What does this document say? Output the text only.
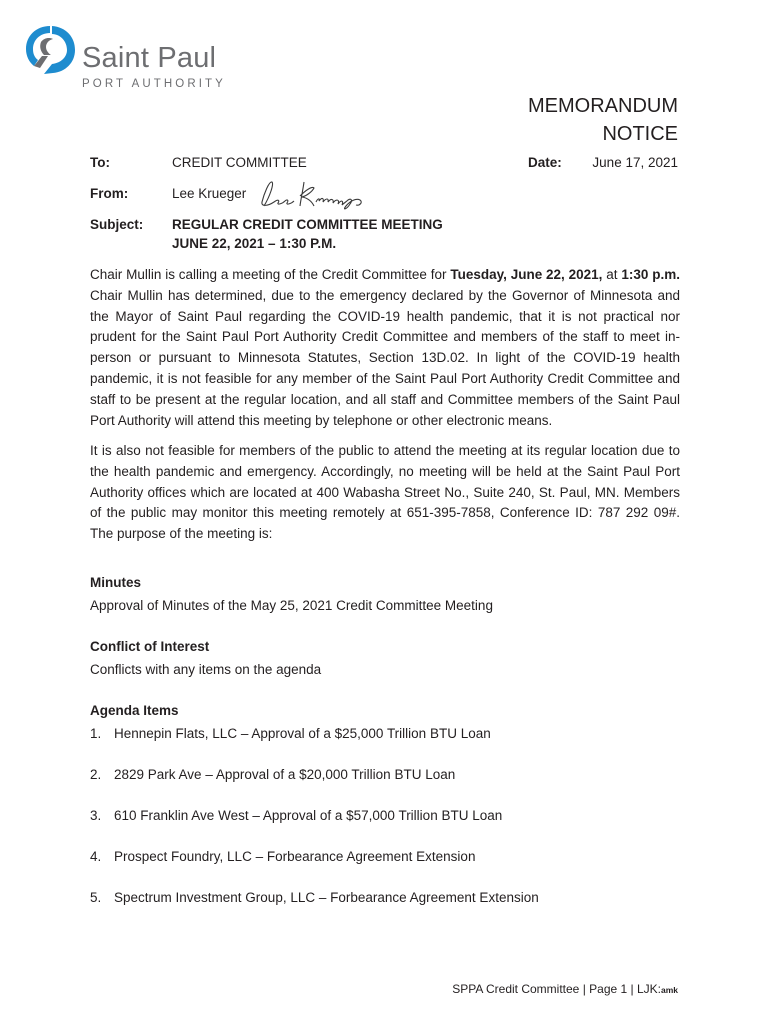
Saint Paul
PORT AUTHORITY
MEMORANDUM
NOTICE
To:	CREDIT COMMITTEE	Date: June 17, 2021
From:	Lee Krueger
Subject: REGULAR CREDIT COMMITTEE MEETING
JUNE 22, 2021 – 1:30 P.M.
Chair Mullin is calling a meeting of the Credit Committee for Tuesday, June 22, 2021, at 1:30 p.m. Chair Mullin has determined, due to the emergency declared by the Governor of Minnesota and the Mayor of Saint Paul regarding the COVID-19 health pandemic, that it is not practical nor prudent for the Saint Paul Port Authority Credit Committee and members of the staff to meet in-person or pursuant to Minnesota Statutes, Section 13D.02. In light of the COVID-19 health pandemic, it is not feasible for any member of the Saint Paul Port Authority Credit Committee and staff to be present at the regular location, and all staff and Committee members of the Saint Paul Port Authority will attend this meeting by telephone or other electronic means.
It is also not feasible for members of the public to attend the meeting at its regular location due to the health pandemic and emergency. Accordingly, no meeting will be held at the Saint Paul Port Authority offices which are located at 400 Wabasha Street No., Suite 240, St. Paul, MN. Members of the public may monitor this meeting remotely at 651-395-7858, Conference ID: 787 292 09#. The purpose of the meeting is:
Minutes
Approval of Minutes of the May 25, 2021 Credit Committee Meeting
Conflict of Interest
Conflicts with any items on the agenda
Agenda Items
1. Hennepin Flats, LLC – Approval of a $25,000 Trillion BTU Loan
2. 2829 Park Ave – Approval of a $20,000 Trillion BTU Loan
3. 610 Franklin Ave West – Approval of a $57,000 Trillion BTU Loan
4. Prospect Foundry, LLC – Forbearance Agreement Extension
5. Spectrum Investment Group, LLC – Forbearance Agreement Extension
SPPA Credit Committee | Page 1 | LJK:amk
